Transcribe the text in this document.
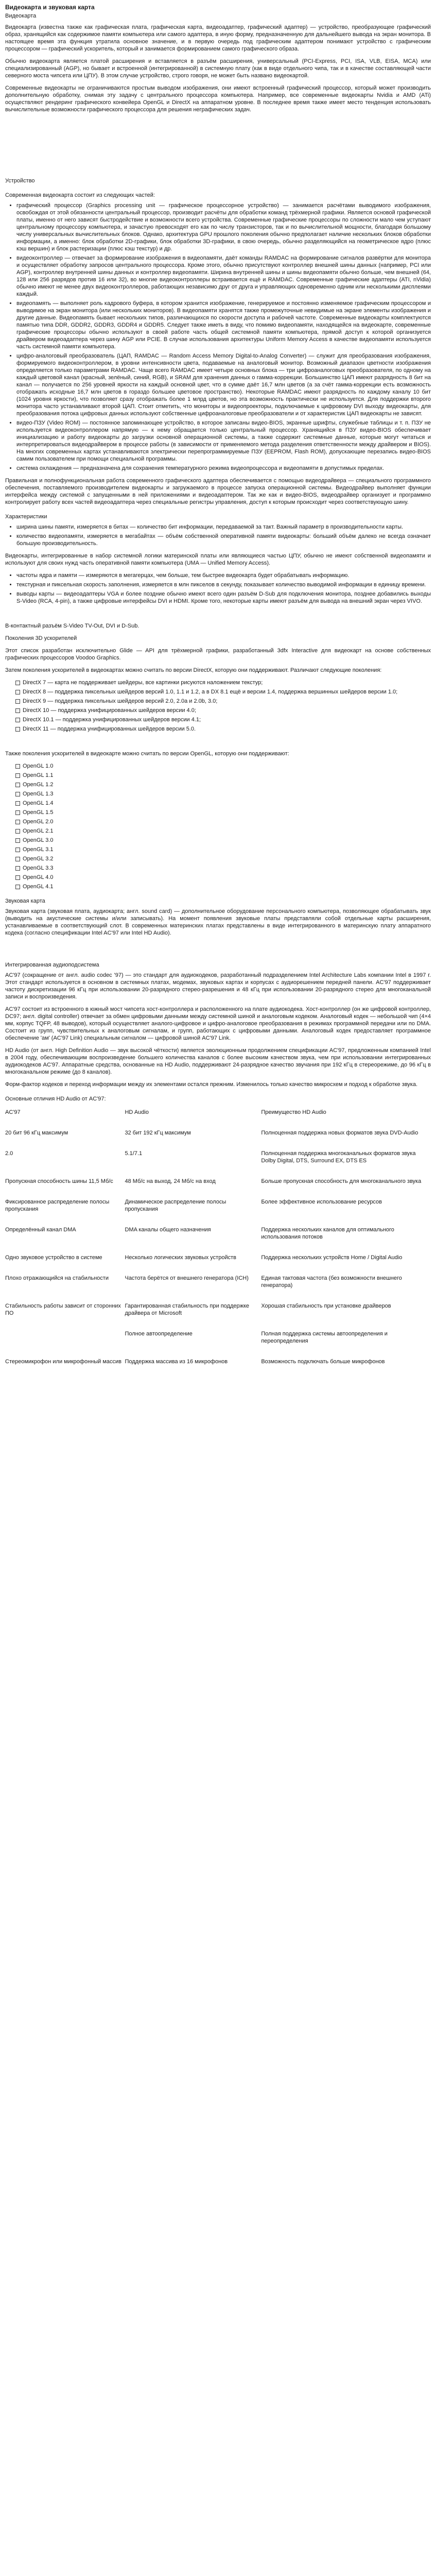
Видеокарта и звуковая карта
Видеокарта

Видеокарта (известна также как графическая плата, графическая карта, видеоадаптер, графический адаптер) — устройство, преобразующее графический образ, хранящийся как содержимое памяти компьютера или самого адаптера, в иную форму, предназначенную для дальнейшего вывода на экран монитора. В настоящее время эта функция утратила основное значение, и в первую очередь под графическим адаптером понимают устройство с графическим процессором — графический ускоритель, который и занимается формированием самого графического образа.

Обычно видеокарта является платой расширения и вставляется в разъём расширения, универсальный (PCI-Express, PCI, ISA, VLB, EISA, MCA) или специализированный (AGP), но бывает и встроенной (интегрированной) в системную плату (как в виде отдельного чипа, так и в качестве составляющей части северного моста чипсета или ЦПУ). В этом случае устройство, строго говоря, не может быть названо видеокартой.

Современные видеокарты не ограничиваются простым выводом изображения, они имеют встроенный графический процессор, который может производить дополнительную обработку, снимая эту задачу с центрального процессора компьютера. Например, все современные видеокарты Nvidia и AMD (ATi) осуществляют рендеринг графического конвейера OpenGL и DirectX на аппаратном уровне. В последнее время также имеет место тенденция использовать вычислительные возможности графического процессора для решения неграфических задач.

Устройство
Современная видеокарта состоит из следующих частей:
• графический процессор (Graphics processing unit — графическое процессорное устройство) — занимается расчётами выводимого изображения, освобождая от этой обязанности центральный процессор, производит расчёты для обработки команд трёхмерной графики. Является основой графической платы, именно от него зависят быстродействие и возможности всего устройства. Современные графические процессоры по сложности мало чем уступают центральному процессору компьютера, и зачастую превосходят его как по числу транзисторов, так и по вычислительной мощности, благодаря большому числу универсальных вычислительных блоков. Однако, архитектура GPU прошлого поколения обычно предполагает наличие нескольких блоков обработки информации, а именно: блок обработки 2D-графики, блок обработки 3D-графики, в свою очередь, обычно разделяющийся на геометрическое ядро (плюс кэш вершин) и блок растеризации (плюс кэш текстур) и др.
• видеоконтроллер — отвечает за формирование изображения в видеопамяти, даёт команды RAMDAC на формирование сигналов развёртки для монитора и осуществляет обработку запросов центрального процессора. Кроме этого, обычно присутствуют контроллер внешней шины данных (например, PCI или AGP), контроллер внутренней шины данных и контроллер видеопамяти. Ширина внутренней шины и шины видеопамяти обычно больше, чем внешней (64, 128 или 256 разрядов против 16 или 32), во многие видеоконтроллеры встраивается ещё и RAMDAC. Современные графические адаптеры (ATI, nVidia) обычно имеют не менее двух видеоконтроллеров, работающих независимо друг от друга и управляющих одновременно одним или несколькими дисплеями каждый.
• видеопамять — выполняет роль кадрового буфера, в котором хранится изображение, генерируемое и постоянно изменяемое графическим процессором и выводимое на экран монитора (или нескольких мониторов). В видеопамяти хранятся также промежуточные невидимые на экране элементы изображения и другие данные. Видеопамять бывает нескольких типов, различающихся по скорости доступа и рабочей частоте. Современные видеокарты комплектуются памятью типа DDR, GDDR2, GDDR3, GDDR4 и GDDR5. Следует также иметь в виду, что помимо видеопамяти, находящейся на видеокарте, современные графические процессоры обычно используют в своей работе часть общей системной памяти компьютера, прямой доступ к которой организуется драйвером видеоадаптера через шину AGP или PCIE. В случае использования архитектуры Uniform Memory Access в качестве видеопамяти используется часть системной памяти компьютера.
• цифро-аналоговый преобразователь (ЦАП, RAMDAC — Random Access Memory Digital-to-Analog Converter) — служит для преобразования изображения, формируемого видеоконтроллером, в уровни интенсивности цвета, подаваемые на аналоговый монитор. Возможный диапазон цветности изображения определяется только параметрами RAMDAC. Чаще всего RAMDAC имеет четыре основных блока — три цифроаналоговых преобразователя, по одному на каждый цветовой канал (красный, зелёный, синий, RGB), и SRAM для хранения данных о гамма-коррекции. Большинство ЦАП имеют разрядность 8 бит на канал — получается по 256 уровней яркости на каждый основной цвет, что в сумме даёт 16,7 млн цветов (а за счёт гамма-коррекции есть возможность отображать исходные 16,7 млн цветов в гораздо большее цветовое пространство). Некоторые RAMDAC имеют разрядность по каждому каналу 10 бит (1024 уровня яркости), что позволяет сразу отображать более 1 млрд цветов, но эта возможность практически не используется. Для поддержки второго монитора часто устанавливают второй ЦАП. Стоит отметить, что мониторы и видеопроекторы, подключаемые к цифровому DVI выходу видеокарты, для преобразования потока цифровых данных используют собственные цифроаналоговые преобразователи и от характеристик ЦАП видеокарты не зависят.
• видео-ПЗУ (Video ROM) — постоянное запоминающее устройство, в которое записаны видео-BIOS, экранные шрифты, служебные таблицы и т. п. ПЗУ не используется видеоконтроллером напрямую — к нему обращается только центральный процессор. Хранящийся в ПЗУ видео-BIOS обеспечивает инициализацию и работу видеокарты до загрузки основной операционной системы, а также содержит системные данные, которые могут читаться и интерпретироваться видеодрайвером в процессе работы (в зависимости от применяемого метода разделения ответственности между драйвером и BIOS). На многих современных картах устанавливаются электрически перепрограммируемые ПЗУ (EEPROM, Flash ROM), допускающие перезапись видео-BIOS самим пользователем при помощи специальной программы.
• система охлаждения — предназначена для сохранения температурного режима видеопроцессора и видеопамяти в допустимых пределах.

Правильная и полнофункциональная работа современного графического адаптера обеспечивается с помощью видеодрайвера — специального программного обеспечения, поставляемого производителем видеокарты и загружаемого в процессе запуска операционной системы. Видеодрайвер выполняет функции интерфейса между системой с запущенными в ней приложениями и видеоадаптером. Так же как и видео-BIOS, видеодрайвер организует и программно контролирует работу всех частей видеоадаптера через специальные регистры управления, доступ к которым происходит через соответствующую шину.

Характеристики
• ширина шины памяти, измеряется в битах — количество бит информации, передаваемой за такт. Важный параметр в производительности карты.
• количество видеопамяти, измеряется в мегабайтах — объём собственной оперативной памяти видеокарты: больший объём далеко не всегда означает большую производительность.

Видеокарты, интегрированные в набор системной логики материнской платы или являющиеся частью ЦПУ, обычно не имеют собственной видеопамяти и используют для своих нужд часть оперативной памяти компьютера (UMA — Unified Memory Access).

• частоты ядра и памяти — измеряются в мегагерцах, чем больше, тем быстрее видеокарта будет обрабатывать информацию.
• текстурная и пиксельная скорость заполнения, измеряется в млн пикселов в секунду, показывает количество выводимой информации в единицу времени.
• выводы карты — видеоадаптеры VGA и более поздние обычно имеют всего один разъём D-Sub для подключения монитора, позднее добавились выходы S-Video (RCA, 4-pin), а также цифровые интерфейсы DVI и HDMI. Кроме того, некоторые карты имеют разъём для вывода на внешний экран через VIVO.

В-контактный разъём S-Video TV-Out, DVI и D-Sub.

Поколения 3D ускорителей

Этот список разработан исключительно Glide — API для трёхмерной графики, разработанный 3dfx Interactive для видеокарт на основе собственных графических процессоров Voodoo Graphics.

Затем поколения ускорителей в видеокартах можно считать по версии DirectX, которую они поддерживают. Различают следующие поколения:

DirectX 7 — карта не поддерживает шейдеры, все картинки рисуются наложением текстур;
DirectX 8 — поддержка пиксельных шейдеров версий 1.0, 1.1 и 1.2, а в DX 8.1 ещё и версии 1.4, поддержка вершинных шейдеров версии 1.0;
DirectX 9 — поддержка пиксельных шейдеров версий 2.0, 2.0a и 2.0b, 3.0;
DirectX 10 — поддержка унифицированных шейдеров версии 4.0;
DirectX 10.1 — поддержка унифицированных шейдеров версии 4.1;
DirectX 11 — поддержка унифицированных шейдеров версии 5.0.

Также поколения ускорителей в видеокарте можно считать по версии OpenGL, которую они поддерживают:

OpenGL 1.0
OpenGL 1.1
OpenGL 1.2
OpenGL 1.3
OpenGL 1.4
OpenGL 1.5
OpenGL 2.0
OpenGL 2.1
OpenGL 3.0
OpenGL 3.1
OpenGL 3.2
OpenGL 3.3
OpenGL 4.0
OpenGL 4.1
Звуковая карта

Звуковая карта (звуковая плата, аудиокарта; англ. sound card) — дополнительное оборудование персонального компьютера, позволяющее обрабатывать звук (выводить на акустические системы и/или записывать). На момент появления звуковые платы представляли собой отдельные карты расширения, устанавливаемые в соответствующий слот. В современных материнских платах представлены в виде интегрированного в материнскую плату аппаратного кодека (согласно спецификации Intel AC'97 или Intel HD Audio).

Интегрированная аудиоподсистема

AC'97 (сокращение от англ. audio codec '97) — это стандарт для аудиокодеков, разработанный подразделением Intel Architecture Labs компании Intel в 1997 г. Этот стандарт используется в основном в системных платах, модемах, звуковых картах и корпусах с аудиорешением передней панели. AC'97 поддерживает частоту дискретизации 96 кГц при использовании 20-разрядного стерео-разрешения и 48 кГц при использовании 20-разрядного стерео для многоканальной записи и воспроизведения.

AC'97 состоит из встроенного в южный мост чипсета хост-контроллера и расположенного на плате аудиокодека. Хост-контроллер (он же цифровой контроллер, DC97; англ. digital controller) отвечает за обмен цифровыми данными между системной шиной и аналоговым кодеком. Аналоговый кодек — небольшой чип (4×4 мм, корпус TQFP, 48 выводов), который осуществляет аналого-цифровое и цифро-аналоговое преобразования в режимах программной передачи или по DMA. Состоит из групп, чувствительных к аналоговым сигналам, и групп, работающих с цифровыми данными. Аналоговый кодек предоставляет программное обеспечение 'ам' (AC'97 Link) специальным сигналом — цифровой шиной AC'97 Link.

HD Audio (от англ. High Definition Audio — звук высокой чёткости) является эволюционным продолжением спецификации AC'97, предложенным компанией Intel в 2004 году, обеспечивающим воспроизведение большего количества каналов с более высоким качеством звука, чем при использовании интегрированных аудиокодеков AC'97. Аппаратные средства, основанные на HD Audio, поддерживают 24-разрядное качество звучания при 192 кГц в стереорежиме, до 96 кГц в многоканальном режиме (до 8 каналов).

Форм-фактор кодеков и переход информации между их элементами остался прежним. Изменилось только качество микросхем и подход к обработке звука.

Основные отличия HD Audio от AC'97:
AC'97	HD Audio	Преимущество HD Audio
20 бит 96 кГц максимум	32 бит 192 кГц максимум	Полноценная поддержка новых форматов звука DVD-Audio
2.0	5.1/7.1	Полноценная поддержка многоканальных форматов звука Dolby Digital, DTS, Surround EX, DTS ES
Пропускная способность шины 11,5 Мб/с	48 Мб/с на выход, 24 Мб/с на вход	Больше пропускная способность для многоканального звука
Фиксированное распределение полосы пропускания	Динамическое распределение полосы пропускания	Более эффективное использование ресурсов
Определённый канал DMA	DMA каналы общего назначения	Поддержка нескольких каналов для оптимального использования потоков
Одно звуковое устройство в системе	Несколько логических звуковых устройств	Поддержка нескольких устройств Home / Digital Audio
Плохо отражающийся на стабильности	Частота берётся от внешнего генератора (ICH)	Единая тактовая частота (без возможности внешнего генератора)
Стабильность работы зависит от сторонних ПО	Гарантированная стабильность при поддержке драйвера от Microsoft	Хорошая стабильность при установке драйверов
	Полное автоопределение	Полная поддержка системы автоопределения и переопределения
Стереомикрофон или микрофонный массив	Поддержка массива из 16 микрофонов	Возможность подключать больше микрофонов
